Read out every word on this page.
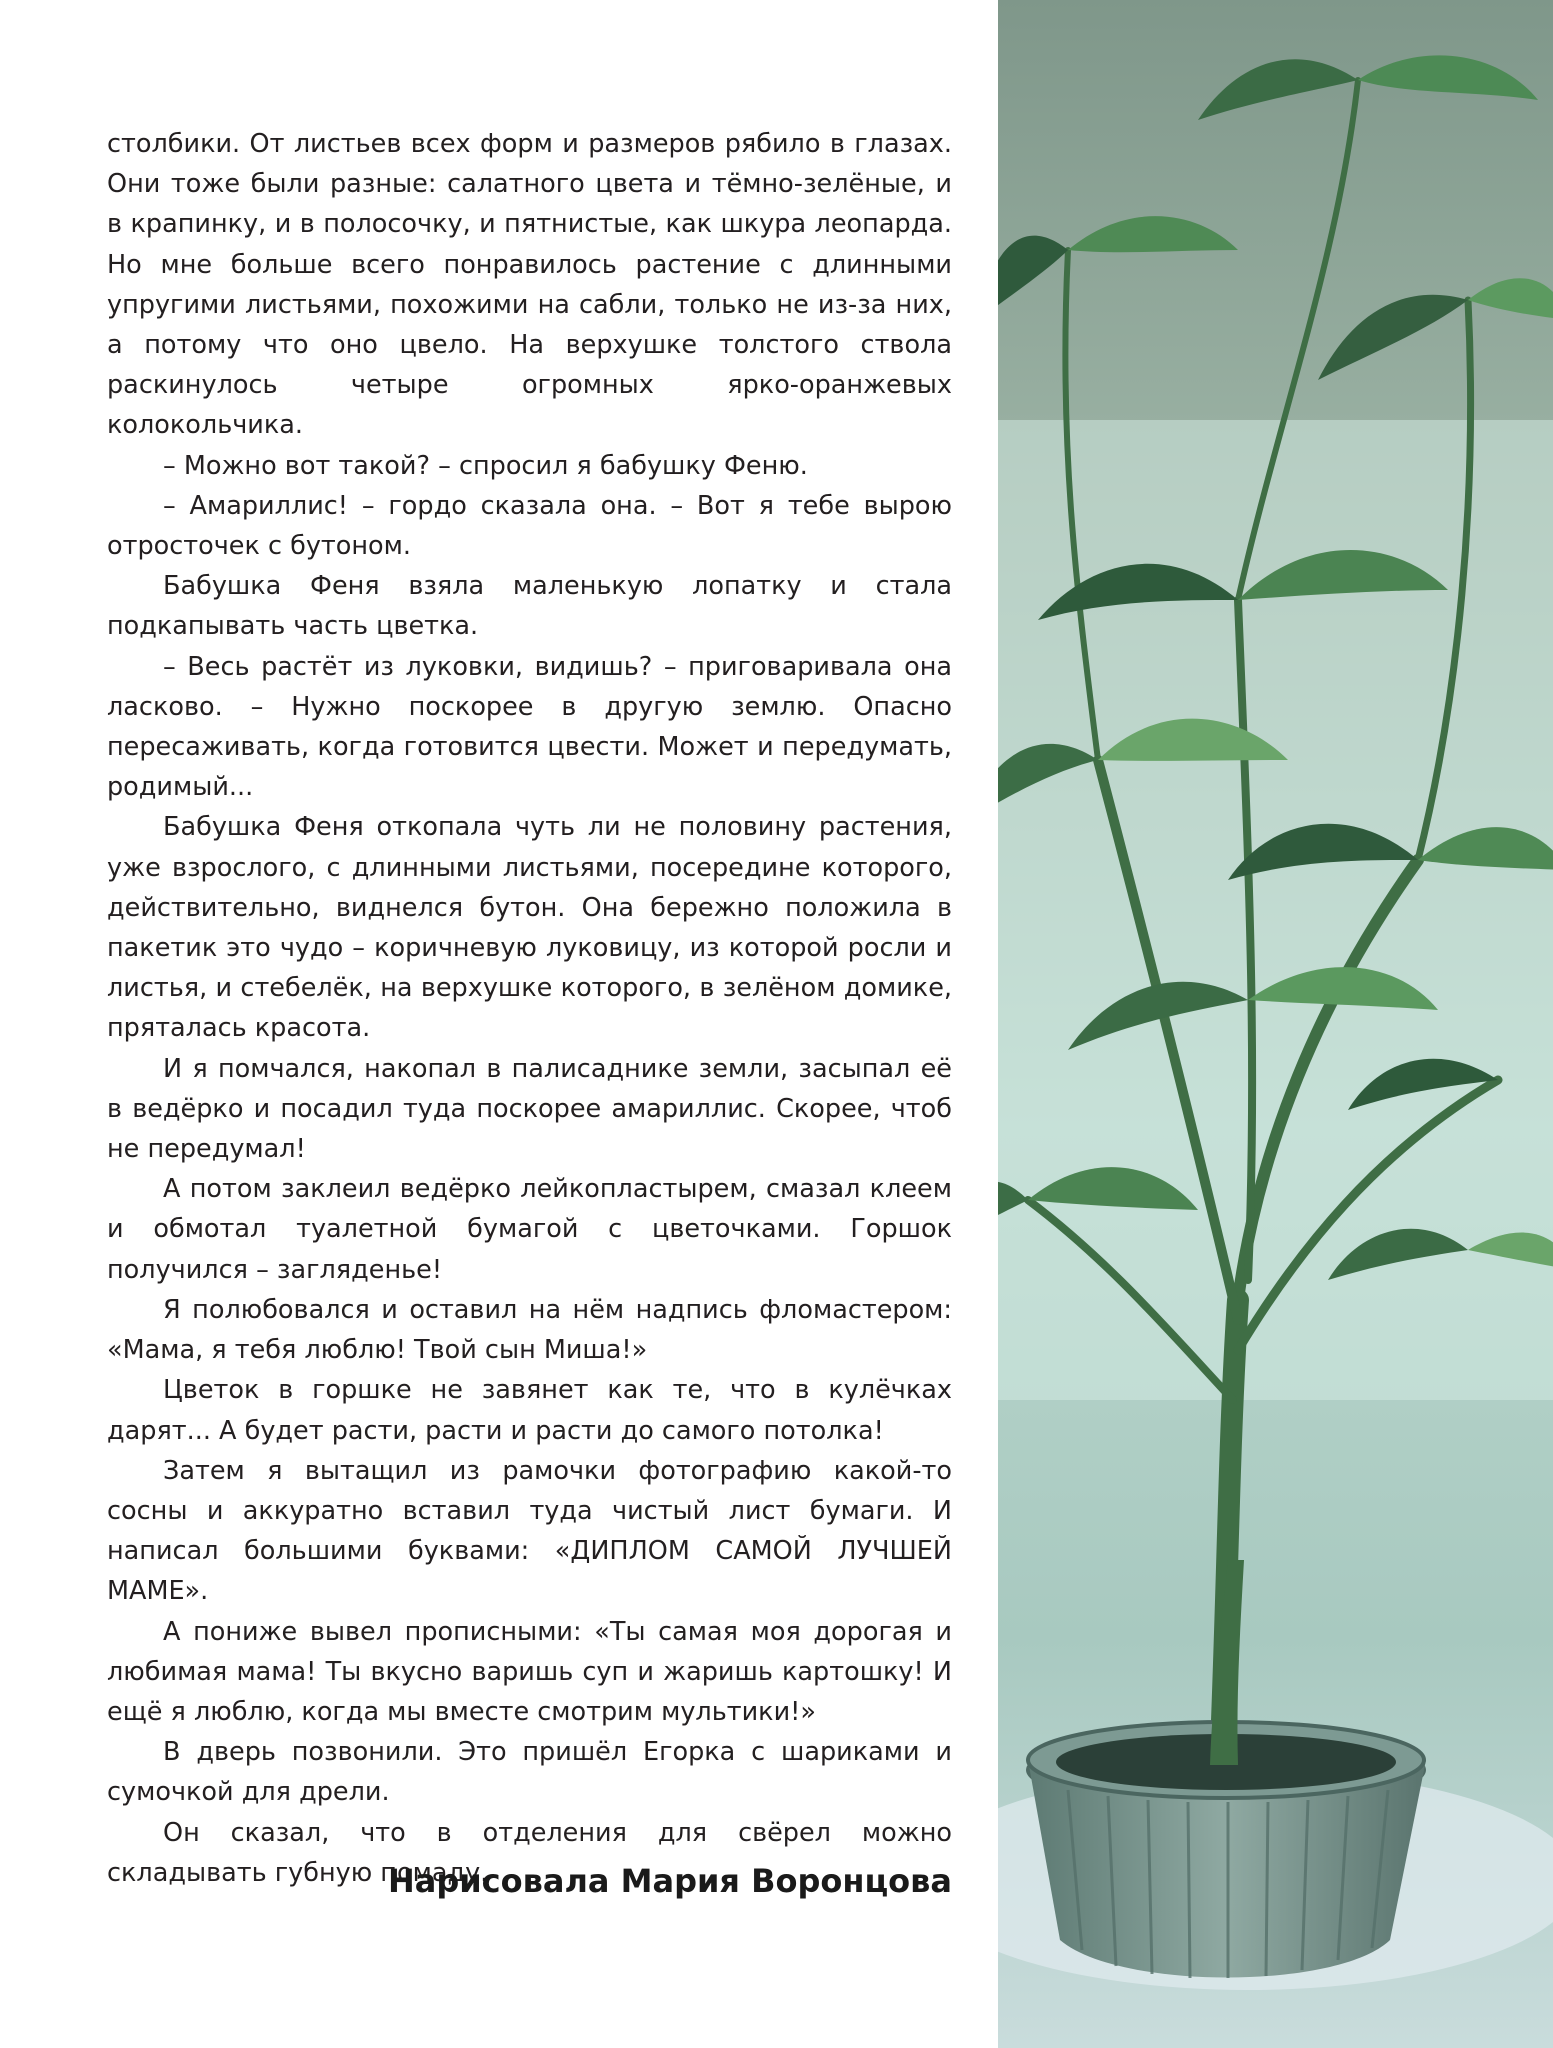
столбики. От листьев всех форм и размеров рябило в глазах. Они тоже были разные: салатного цвета и тёмно-зелёные, и в крапинку, и в полосочку, и пятнистые, как шкура леопарда. Но мне больше всего понравилось растение с длинными упругими листьями, похожими на сабли, только не из-за них, а потому что оно цвело. На верхушке толстого ствола раскинулось четыре огромных ярко-оранжевых колокольчика.

– Можно вот такой? – спросил я бабушку Феню.

– Амариллис! – гордо сказала она. – Вот я тебе вырою отросточек с бутоном.

Бабушка Феня взяла маленькую лопатку и стала подкапывать часть цветка.

– Весь растёт из луковки, видишь? – приговаривала она ласково. – Нужно поскорее в другую землю. Опасно пересаживать, когда готовится цвести. Может и передумать, родимый...

Бабушка Феня откопала чуть ли не половину растения, уже взрослого, с длинными листьями, посередине которого, действительно, виднелся бутон. Она бережно положила в пакетик это чудо – коричневую луковицу, из которой росли и листья, и стебелёк, на верхушке которого, в зелёном домике, пряталась красота.

И я помчался, накопал в палисаднике земли, засыпал её в ведёрко и посадил туда поскорее амариллис. Скорее, чтоб не передумал!

А потом заклеил ведёрко лейкопластырем, смазал клеем и обмотал туалетной бумагой с цветочками. Горшок получился – загляденье!

Я полюбовался и оставил на нём надпись фломастером: «Мама, я тебя люблю! Твой сын Миша!»

Цветок в горшке не завянет как те, что в кулёчках дарят... А будет расти, расти и расти до самого потолка!

Затем я вытащил из рамочки фотографию какой-то сосны и аккуратно вставил туда чистый лист бумаги. И написал большими буквами: «ДИПЛОМ САМОЙ ЛУЧШЕЙ МАМЕ».

А пониже вывел прописными: «Ты самая моя дорогая и любимая мама! Ты вкусно варишь суп и жаришь картошку! И ещё я люблю, когда мы вместе смотрим мультики!»

В дверь позвонили. Это пришёл Егорка с шариками и сумочкой для дрели.

Он сказал, что в отделения для свёрел можно складывать губную помаду.

Нарисовала Мария Воронцова
